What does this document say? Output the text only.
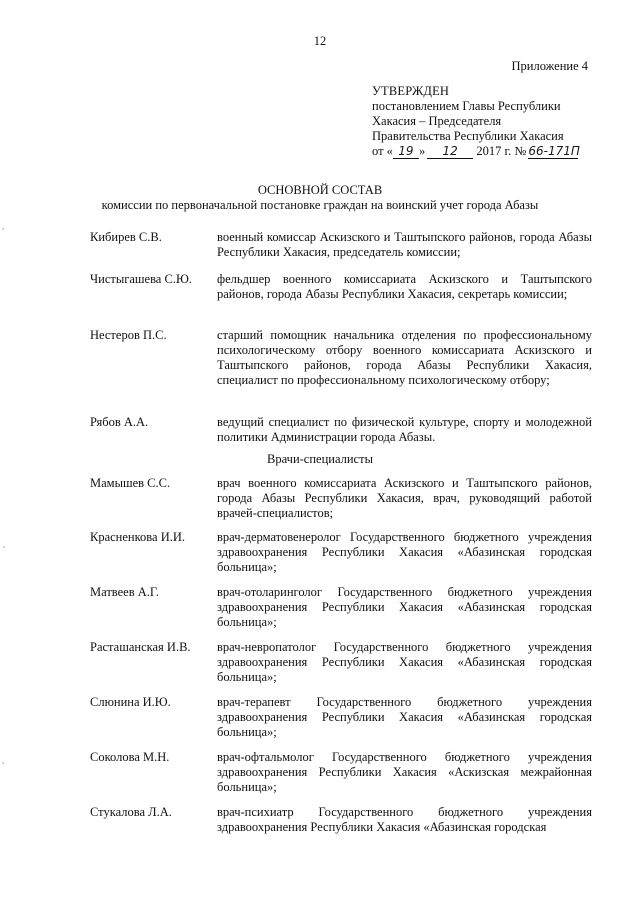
12
Приложение 4
УТВЕРЖДЕН
постановлением Главы Республики
Хакасия – Председателя
Правительства Республики Хакасия
от « 19 » 12 2017 г. № 66-171П
ОСНОВНОЙ СОСТАВ
комиссии по первоначальной постановке граждан на воинский учет города Абазы
Кибирев С.В.	военный комиссар Аскизского и Таштыпского районов, города Абазы Республики Хакасия, председатель комиссии;
Чистыгашева С.Ю.	фельдшер военного комиссариата Аскизского и Таштыпского районов, города Абазы Республики Хакасия, секретарь комиссии;
Нестеров П.С.	старший помощник начальника отделения по профессиональному психологическому отбору военного комиссариата Аскизского и Таштыпского районов, города Абазы Республики Хакасия, специалист по профессиональному психологическому отбору;
Рябов А.А.	ведущий специалист по физической культуре, спорту и молодежной политики Администрации города Абазы.
Врачи-специалисты
Мамышев С.С.	врач военного комиссариата Аскизского и Таштыпского районов, города Абазы Республики Хакасия, врач, руководящий работой врачей-специалистов;
Красненкова И.И.	врач-дерматовенеролог Государственного бюджетного учреждения здравоохранения Республики Хакасия «Абазинская городская больница»;
Матвеев А.Г.	врач-отоларинголог Государственного бюджетного учреждения здравоохранения Республики Хакасия «Абазинская городская больница»;
Расташанская И.В.	врач-невропатолог Государственного бюджетного учреждения здравоохранения Республики Хакасия «Абазинская городская больница»;
Слюнина И.Ю.	врач-терапевт Государственного бюджетного учреждения здравоохранения Республики Хакасия «Абазинская городская больница»;
Соколова М.Н.	врач-офтальмолог Государственного бюджетного учреждения здравоохранения Республики Хакасия «Аскизская межрайонная больница»;
Стукалова Л.А.	врач-психиатр Государственного бюджетного учреждения здравоохранения Республики Хакасия «Абазинская городская
